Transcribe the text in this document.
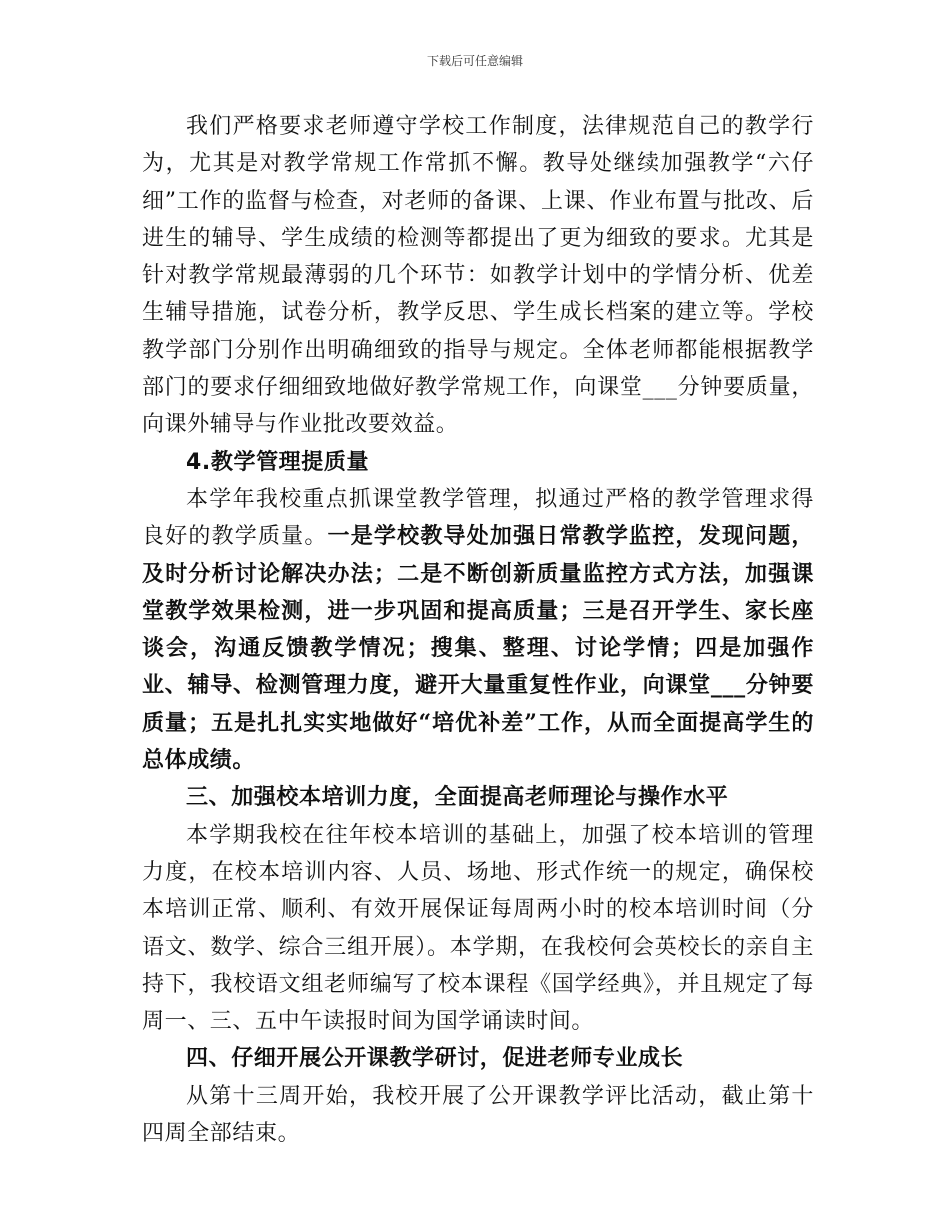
下载后可任意编辑

我们严格要求老师遵守学校工作制度，法律规范自己的教学行为，尤其是对教学常规工作常抓不懈。教导处继续加强教学“六仔细”工作的监督与检查，对老师的备课、上课、作业布置与批改、后进生的辅导、学生成绩的检测等都提出了更为细致的要求。尤其是针对教学常规最薄弱的几个环节：如教学计划中的学情分析、优差生辅导措施，试卷分析，教学反思、学生成长档案的建立等。学校教学部门分别作出明确细致的指导与规定。全体老师都能根据教学部门的要求仔细细致地做好教学常规工作，向课堂___分钟要质量，向课外辅导与作业批改要效益。

4.教学管理提质量

本学年我校重点抓课堂教学管理，拟通过严格的教学管理求得良好的教学质量。一是学校教导处加强日常教学监控，发现问题，及时分析讨论解决办法；二是不断创新质量监控方式方法，加强课堂教学效果检测，进一步巩固和提高质量；三是召开学生、家长座谈会，沟通反馈教学情况；搜集、整理、讨论学情；四是加强作业、辅导、检测管理力度，避开大量重复性作业，向课堂___分钟要质量；五是扎扎实实地做好“培优补差”工作，从而全面提高学生的总体成绩。

三、加强校本培训力度，全面提高老师理论与操作水平

本学期我校在往年校本培训的基础上，加强了校本培训的管理力度，在校本培训内容、人员、场地、形式作统一的规定，确保校本培训正常、顺利、有效开展保证每周两小时的校本培训时间（分语文、数学、综合三组开展）。本学期，在我校何会英校长的亲自主持下，我校语文组老师编写了校本课程《国学经典》，并且规定了每周一、三、五中午读报时间为国学诵读时间。

四、仔细开展公开课教学研讨，促进老师专业成长

从第十三周开始，我校开展了公开课教学评比活动，截止第十四周全部结束。
